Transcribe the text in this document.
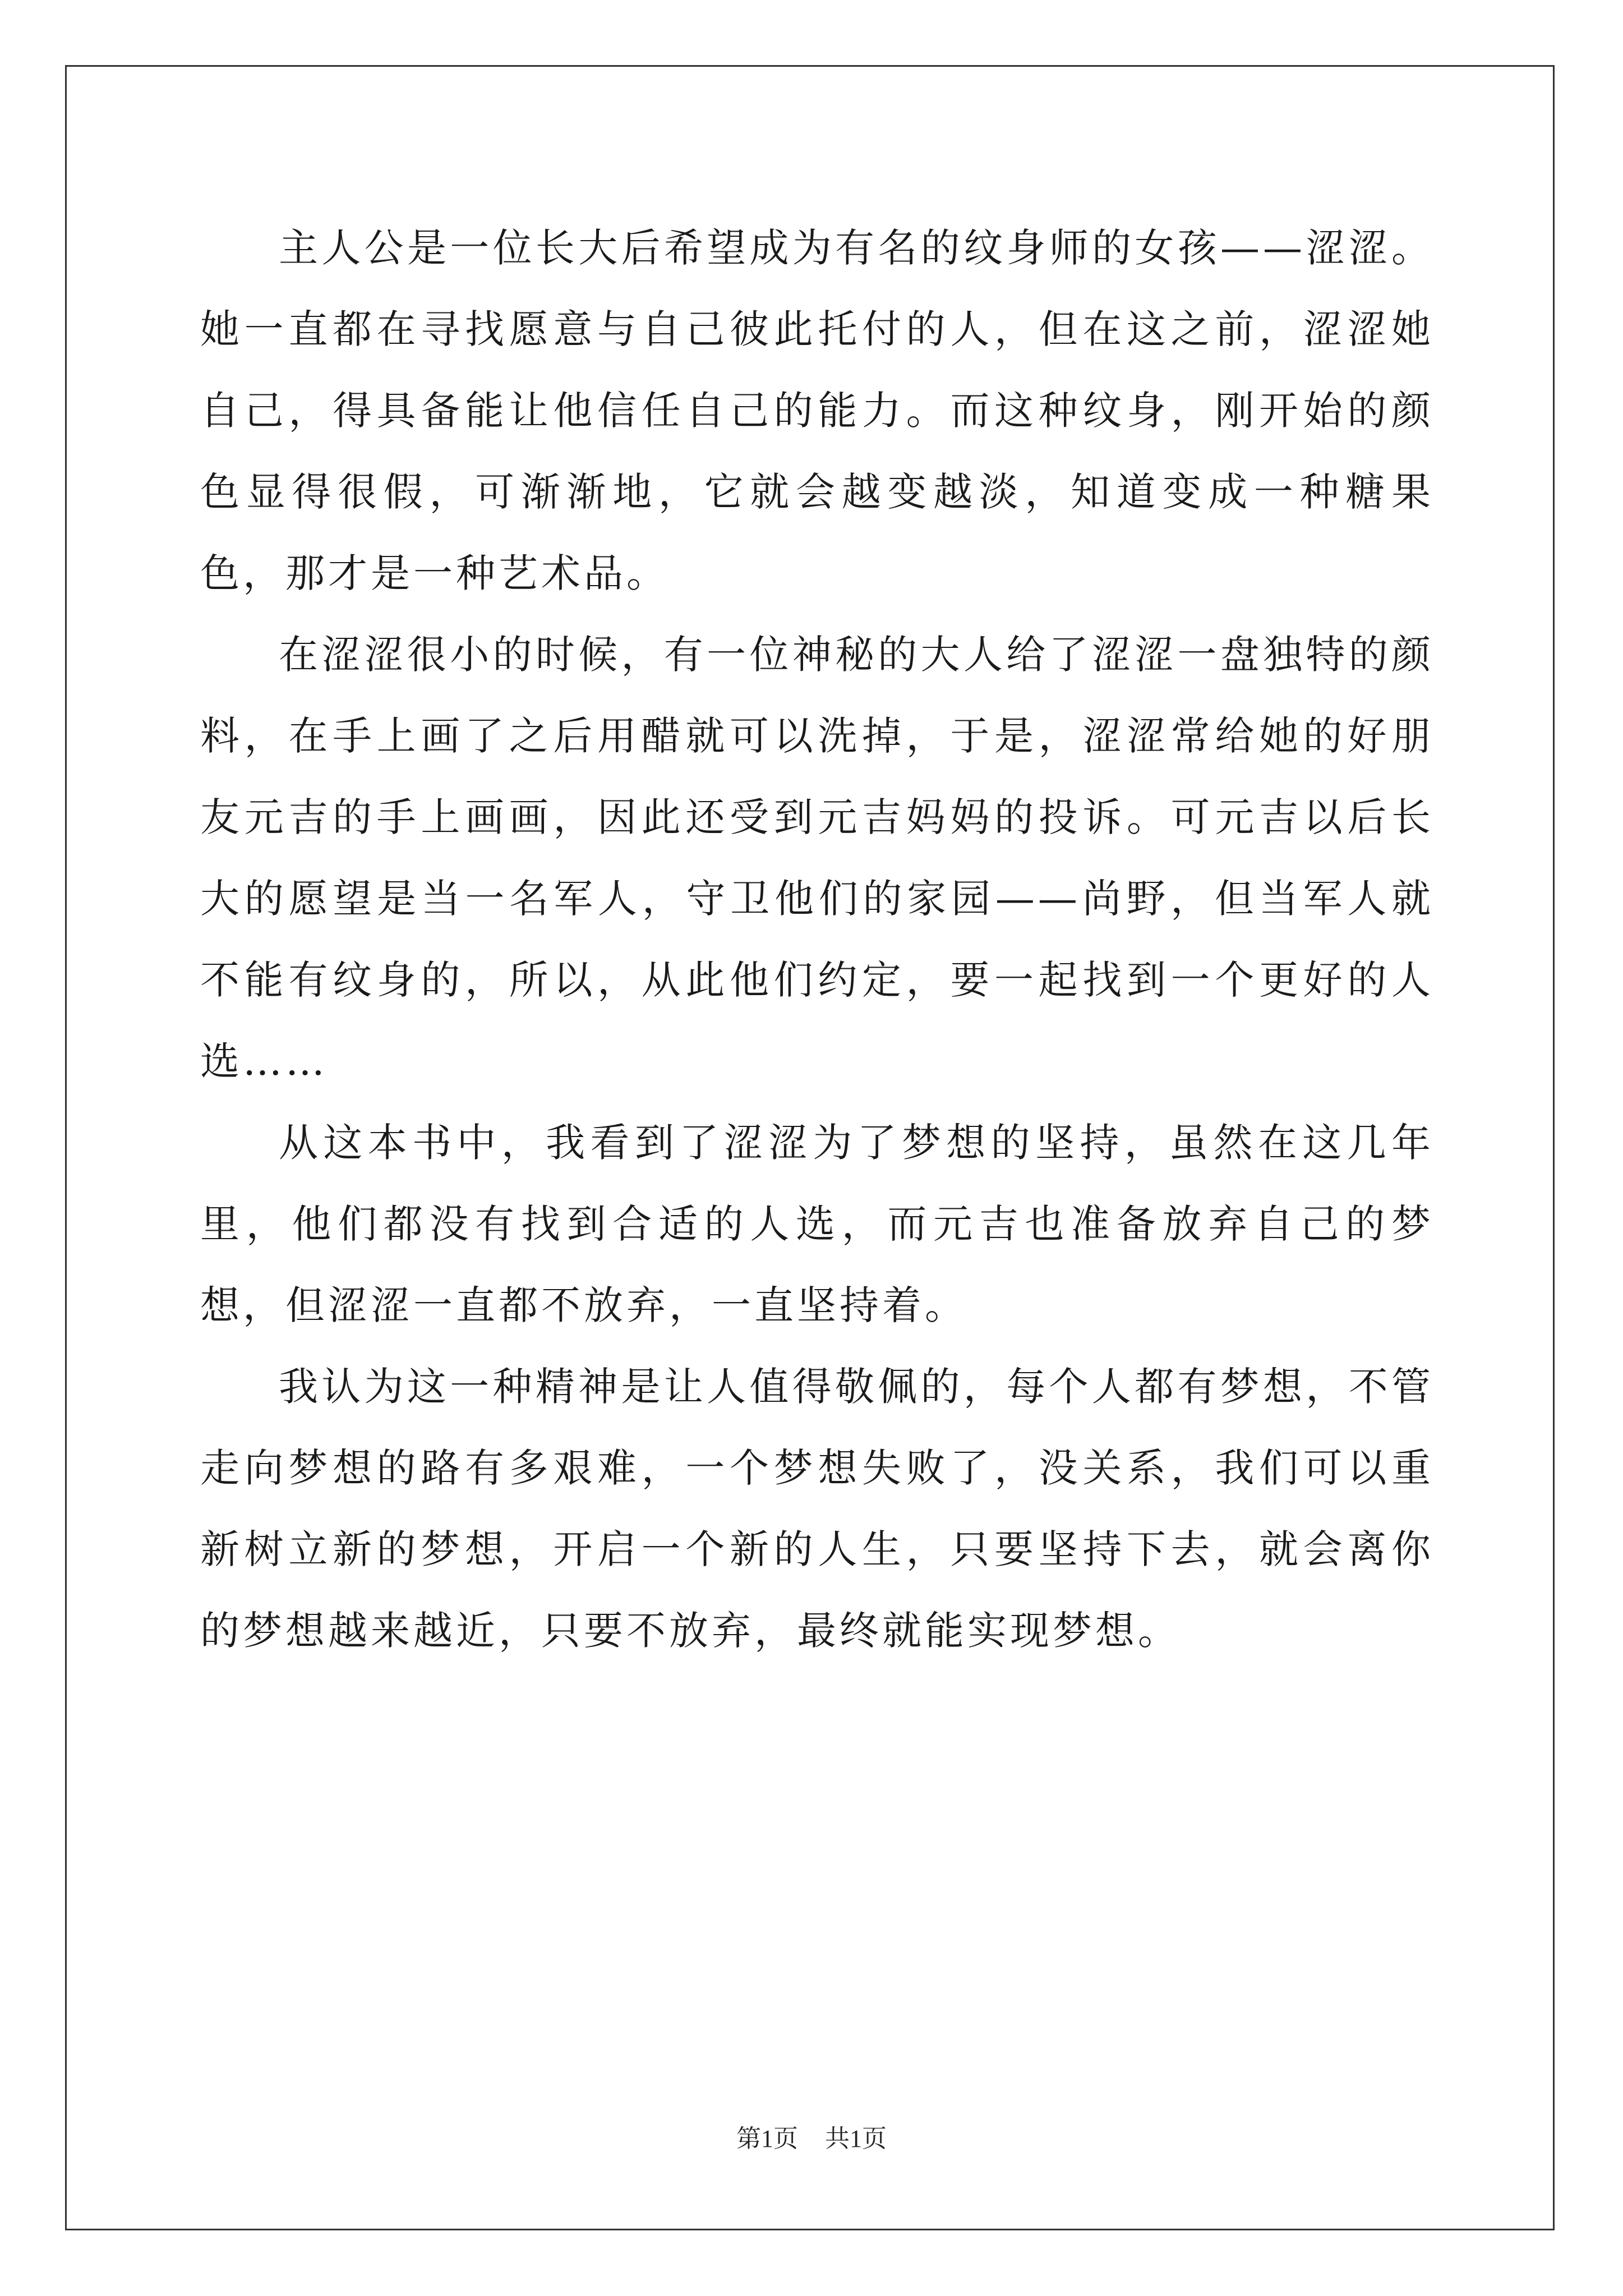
主人公是一位长大后希望成为有名的纹身师的女孩——涩涩。她一直都在寻找愿意与自己彼此托付的人，但在这之前，涩涩她自己，得具备能让他信任自己的能力。而这种纹身，刚开始的颜色显得很假，可渐渐地，它就会越变越淡，知道变成一种糖果色，那才是一种艺术品。

在涩涩很小的时候，有一位神秘的大人给了涩涩一盘独特的颜料，在手上画了之后用醋就可以洗掉，于是，涩涩常给她的好朋友元吉的手上画画，因此还受到元吉妈妈的投诉。可元吉以后长大的愿望是当一名军人，守卫他们的家园——尚野，但当军人就不能有纹身的，所以，从此他们约定，要一起找到一个更好的人选……

从这本书中，我看到了涩涩为了梦想的坚持，虽然在这几年里，他们都没有找到合适的人选，而元吉也准备放弃自己的梦想，但涩涩一直都不放弃，一直坚持着。

我认为这一种精神是让人值得敬佩的，每个人都有梦想，不管走向梦想的路有多艰难，一个梦想失败了，没关系，我们可以重新树立新的梦想，开启一个新的人生，只要坚持下去，就会离你的梦想越来越近，只要不放弃，最终就能实现梦想。

第1页 共1页
